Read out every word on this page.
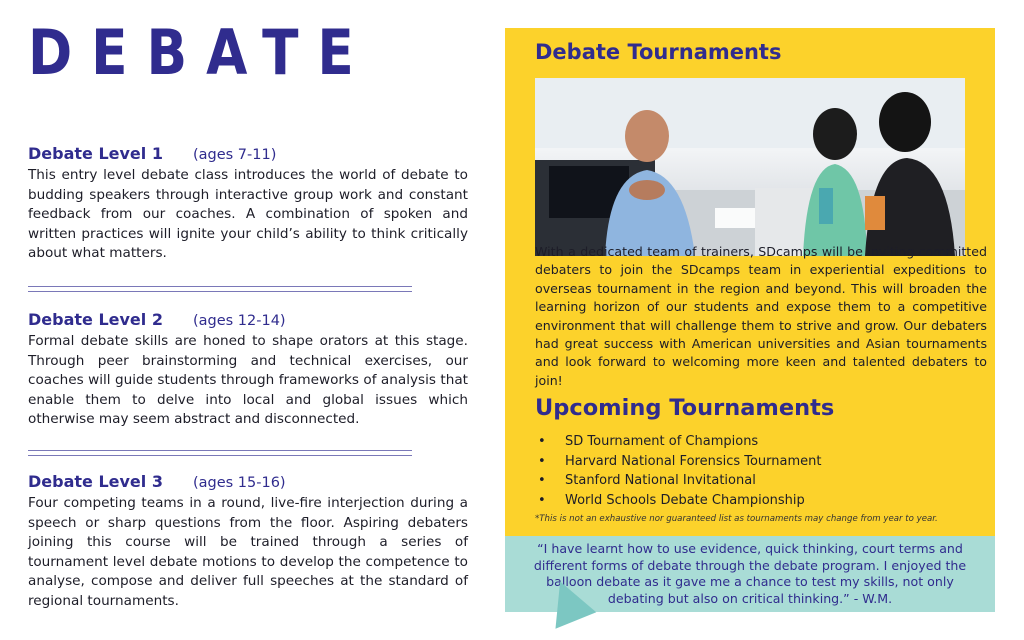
DEBATE
Debate Level 1 (ages 7-11)
This entry level debate class introduces the world of debate to budding speakers through interactive group work and constant feedback from our coaches. A combination of spoken and written practices will ignite your child’s ability to think critically about what matters.
Debate Level 2 (ages 12-14)
Formal debate skills are honed to shape orators at this stage. Through peer brainstorming and technical exercises, our coaches will guide students through frameworks of analysis that enable them to delve into local and global issues which otherwise may seem abstract and disconnected.
Debate Level 3 (ages 15-16)
Four competing teams in a round, live-fire interjection during a speech or sharp questions from the floor. Aspiring debaters joining this course will be trained through a series of tournament level debate motions to develop the competence to analyse, compose and deliver full speeches at the standard of regional tournaments.
Debate Tournaments
With a dedicated team of trainers, SDcamps will be inviting committed debaters to join the SDcamps team in experiential expeditions to overseas tournament in the region and beyond. This will broaden the learning horizon of our students and expose them to a competitive environment that will challenge them to strive and grow. Our debaters had great success with American universities and Asian tournaments and look forward to welcoming more keen and talented debaters to join!
Upcoming Tournaments
• SD Tournament of Champions
• Harvard National Forensics Tournament
• Stanford National Invitational
• World Schools Debate Championship
*This is not an exhaustive nor guaranteed list as tournaments may change from year to year.
“I have learnt how to use evidence, quick thinking, court terms and different forms of debate through the debate program. I enjoyed the balloon debate as it gave me a chance to test my skills, not only debating but also on critical thinking.” - W.M.
